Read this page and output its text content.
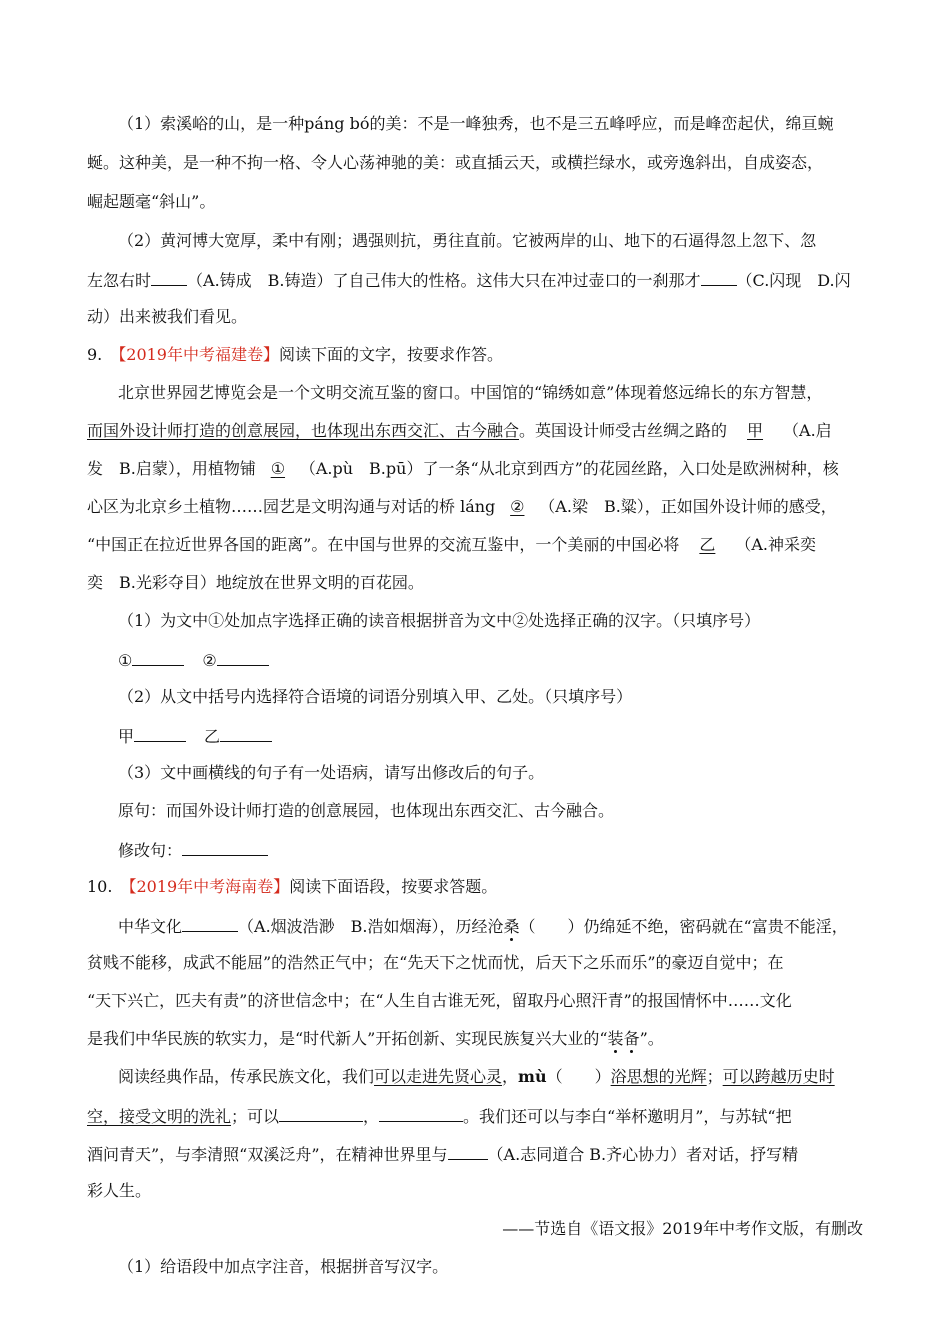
（1）索溪峪的山，是一种páng bó的美：不是一峰独秀，也不是三五峰呼应，而是峰峦起伏，绵亘蜿
蜒。这种美，是一种不拘一格、令人心荡神驰的美：或直插云天，或横拦绿水，或旁逸斜出，自成姿态，
崛起题毫“斜山”。
（2）黄河博大宽厚，柔中有刚；遇强则抗，勇往直前。它被两岸的山、地下的石逼得忽上忽下、忽
左忽右时 （A.铸成　B.铸造）了自己伟大的性格。这伟大只在冲过壶口的一刹那才 （C.闪现　D.闪
动）出来被我们看见。
9. 【2019年中考福建卷】阅读下面的文字，按要求作答。
北京世界园艺博览会是一个文明交流互鉴的窗口。中国馆的“锦绣如意”体现着悠远绵长的东方智慧，
而国外设计师打造的创意展园，也体现出东西交汇、古今融合。英国设计师受古丝绸之路的 甲 （A.启
发　B.启蒙），用植物铺 ① （A.pù　B.pū）了一条“从北京到西方”的花园丝路，入口处是欧洲树种，核
心区为北京乡土植物……园艺是文明沟通与对话的桥 láng ② （A.梁　B.粱），正如国外设计师的感受，
“中国正在拉近世界各国的距离”。在中国与世界的交流互鉴中，一个美丽的中国必将 乙 （A.神采奕
奕　B.光彩夺目）地绽放在世界文明的百花园。
（1）为文中①处加点字选择正确的读音根据拼音为文中②处选择正确的汉字。（只填序号）
①	②
（2）从文中括号内选择符合语境的词语分别填入甲、乙处。（只填序号）
甲	乙
（3）文中画横线的句子有一处语病，请写出修改后的句子。
原句：而国外设计师打造的创意展园，也体现出东西交汇、古今融合。
修改句：
10. 【2019年中考海南卷】阅读下面语段，按要求答题。
中华文化	（A.烟波浩渺　B.浩如烟海），历经沧桑（　　）仍绵延不绝，密码就在“富贵不能淫，
贫贱不能移，成武不能屈”的浩然正气中；在“先天下之忧而忧，后天下之乐而乐”的豪迈自觉中；在
“天下兴亡，匹夫有责”的济世信念中；在“人生自古谁无死，留取丹心照汗青”的报国情怀中……文化
是我们中华民族的软实力，是“时代新人”开拓创新、实现民族复兴大业的“装备”。
阅读经典作品，传承民族文化，我们可以走进先贤心灵，mù（　　）浴思想的光辉；可以跨越历史时
空，接受文明的洗礼；可以	，	。我们还可以与李白“举杯邀明月”，与苏轼“把
酒问青天”，与李清照“双溪泛舟”，在精神世界里与	（A.志同道合 B.齐心协力）者对话，抒写精
彩人生。
——节选自《语文报》2019年中考作文版，有删改
（1）给语段中加点字注音，根据拼音写汉字。
